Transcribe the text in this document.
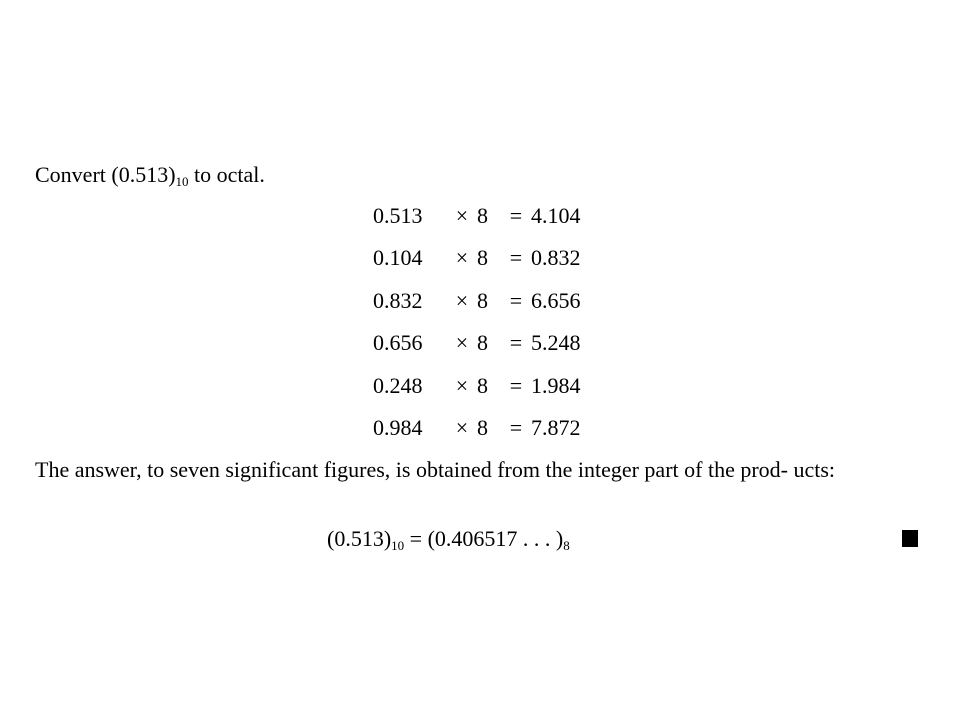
Convert $(0.513)_{10}$ to octal.
0.513 × 8 = 4.104
0.104 × 8 = 0.832
0.832 × 8 = 6.656
0.656 × 8 = 5.248
0.248 × 8 = 1.984
0.984 × 8 = 7.872
The answer, to seven significant figures, is obtained from the integer part of the prod- ucts:
$(0.513)_{10} = (0.406517$ . . . )$_8$
